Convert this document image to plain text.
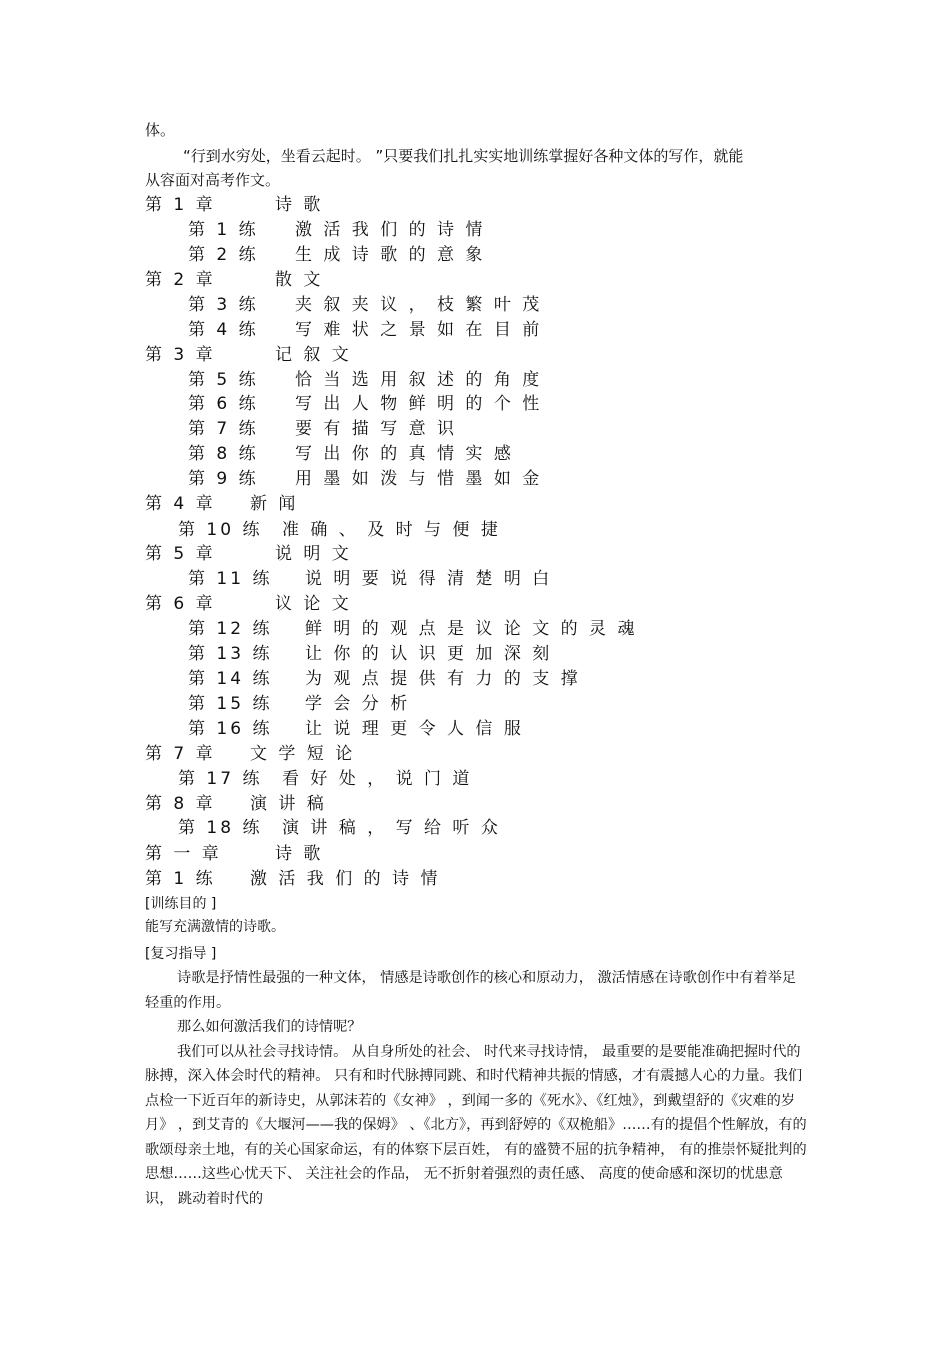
体。
“行到水穷处，坐看云起时。 ”只要我们扎扎实实地训练掌握好各种文体的写作，就能
从容面对高考作文。
第 1 章	诗 歌
第 1 练 激 活 我 们 的 诗 情
第 2 练 生 成 诗 歌 的 意 象
第 2 章	散 文
第 3 练 夹 叙 夹 议 ， 枝 繁 叶 茂
第 4 练 写 难 状 之 景 如 在 目 前
第 3 章	记 叙 文
第 5 练 恰 当 选 用 叙 述 的 角 度
第 6 练 写 出 人 物 鲜 明 的 个 性
第 7 练 要 有 描 写 意 识
第 8 练 写 出 你 的 真 情 实 感
第 9 练 用 墨 如 泼 与 惜 墨 如 金
第 4 章 新 闻
第 10 练 准 确 、 及 时 与 便 捷
第 5 章	说 明 文
第 11 练 说 明 要 说 得 清 楚 明 白
第 6 章	议 论 文
第 12 练 鲜 明 的 观 点 是 议 论 文 的 灵 魂
第 13 练 让 你 的 认 识 更 加 深 刻
第 14 练 为 观 点 提 供 有 力 的 支 撑
第 15 练 学 会 分 析
第 16 练 让 说 理 更 令 人 信 服
第 7 章 文 学 短 论
第 17 练 看 好 处 ， 说 门 道
第 8 章 演 讲 稿
第 18 练 演 讲 稿 ， 写 给 听 众
第 一 章	诗 歌
第 1 练 激 活 我 们 的 诗 情
[训练目的 ]
能写充满激情的诗歌。
[复习指导 ]

诗歌是抒情性最强的一种文体， 情感是诗歌创作的核心和原动力， 激活情感在诗歌创作中有着举足轻重的作用。

那么如何激活我们的诗情呢？

我们可以从社会寻找诗情。 从自身所处的社会、 时代来寻找诗情， 最重要的是要能准确把握时代的脉搏，深入体会时代的精神。 只有和时代脉搏同跳、和时代精神共振的情感，才有震撼人心的力量。我们点检一下近百年的新诗史，从郭沫若的《女神》 ，到闻一多的《死水》、《红烛》，到戴望舒的《灾难的岁月》 ，到艾青的《大堰河——我的保姆》 、《北方》，再到舒婷的《双桅船》……有的提倡个性解放，有的歌颂母亲土地，有的关心国家命运，有的体察下层百姓， 有的盛赞不屈的抗争精神， 有的推崇怀疑批判的思想……这些心忧天下、 关注社会的作品， 无不折射着强烈的责任感、 高度的使命感和深切的忧患意识， 跳动着时代的
